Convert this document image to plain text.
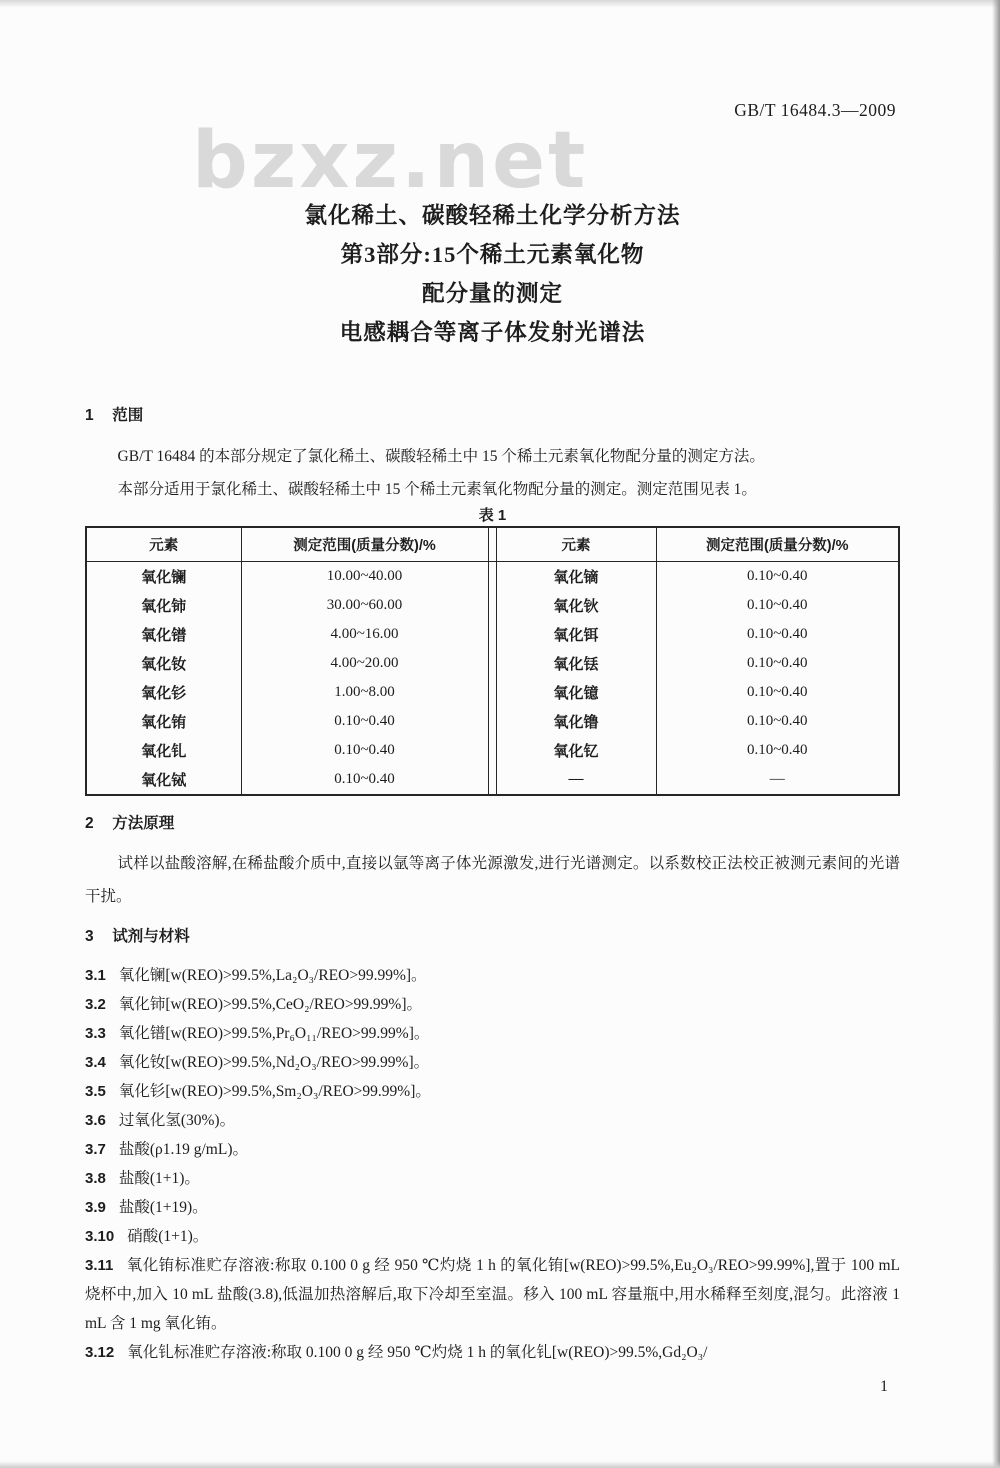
bzxz.net
GB/T 16484.3—2009
氯化稀土、碳酸轻稀土化学分析方法
第3部分:15个稀土元素氧化物
配分量的测定
电感耦合等离子体发射光谱法
1 范围

GB/T 16484 的本部分规定了氯化稀土、碳酸轻稀土中 15 个稀土元素氧化物配分量的测定方法。

本部分适用于氯化稀土、碳酸轻稀土中 15 个稀土元素氧化物配分量的测定。测定范围见表 1。

表 1
元素	测定范围(质量分数)/%		元素	测定范围(质量分数)/%
氧化镧	10.00~40.00		氧化镝	0.10~0.40
氧化铈	30.00~60.00		氧化钬	0.10~0.40
氧化镨	4.00~16.00		氧化铒	0.10~0.40
氧化钕	4.00~20.00		氧化铥	0.10~0.40
氧化钐	1.00~8.00		氧化镱	0.10~0.40
氧化铕	0.10~0.40		氧化镥	0.10~0.40
氧化钆	0.10~0.40		氧化钇	0.10~0.40
氧化铽	0.10~0.40		—	—
2 方法原理

试样以盐酸溶解,在稀盐酸介质中,直接以氩等离子体光源激发,进行光谱测定。以系数校正法校正被测元素间的光谱干扰。

3 试剂与材料

3.1 氧化镧[w(REO)>99.5%,La₂O₃/REO>99.99%]。

3.2 氧化铈[w(REO)>99.5%,CeO₂/REO>99.99%]。

3.3 氧化镨[w(REO)>99.5%,Pr₆O₁₁/REO>99.99%]。

3.4 氧化钕[w(REO)>99.5%,Nd₂O₃/REO>99.99%]。

3.5 氧化钐[w(REO)>99.5%,Sm₂O₃/REO>99.99%]。

3.6 过氧化氢(30%)。

3.7 盐酸(ρ1.19 g/mL)。

3.8 盐酸(1+1)。

3.9 盐酸(1+19)。

3.10 硝酸(1+1)。

3.11 氧化铕标准贮存溶液:称取 0.100 0 g 经 950 ℃灼烧 1 h 的氧化铕[w(REO)>99.5%,Eu₂O₃/REO>99.99%],置于 100 mL 烧杯中,加入 10 mL 盐酸(3.8),低温加热溶解后,取下冷却至室温。移入 100 mL 容量瓶中,用水稀释至刻度,混匀。此溶液 1 mL 含 1 mg 氧化铕。

3.12 氧化钆标准贮存溶液:称取 0.100 0 g 经 950 ℃灼烧 1 h 的氧化钆[w(REO)>99.5%,Gd₂O₃/

1
